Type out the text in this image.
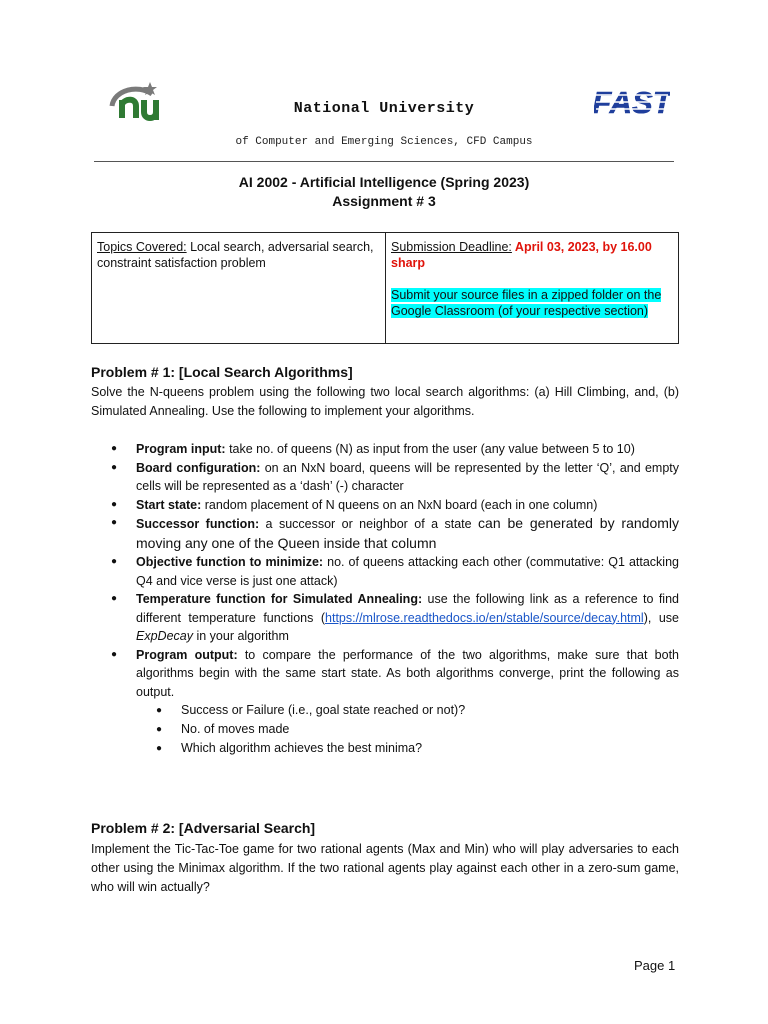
FAST
National University
of Computer and Emerging Sciences, CFD Campus
AI 2002 - Artificial Intelligence (Spring 2023)
Assignment # 3
Topics Covered: Local search, adversarial search, constraint satisfaction problem
Submission Deadline: April 03, 2023, by 16.00 sharp
Submit your source files in a zipped folder on the Google Classroom (of your respective section)
Problem # 1: [Local Search Algorithms]
Solve the N-queens problem using the following two local search algorithms: (a) Hill Climbing, and, (b) Simulated Annealing. Use the following to implement your algorithms.
● Program input: take no. of queens (N) as input from the user (any value between 5 to 10)
● Board configuration: on an NxN board, queens will be represented by the letter ‘Q’, and empty cells will be represented as a ‘dash’ (-) character
● Start state: random placement of N queens on an NxN board (each in one column)
● Successor function: a successor or neighbor of a state can be generated by randomly moving any one of the Queen inside that column
● Objective function to minimize: no. of queens attacking each other (commutative: Q1 attacking Q4 and vice verse is just one attack)
● Temperature function for Simulated Annealing: use the following link as a reference to find different temperature functions (https://mlrose.readthedocs.io/en/stable/source/decay.html), use ExpDecay in your algorithm
● Program output: to compare the performance of the two algorithms, make sure that both algorithms begin with the same start state. As both algorithms converge, print the following as output.
● Success or Failure (i.e., goal state reached or not)?
● No. of moves made
● Which algorithm achieves the best minima?
Problem # 2: [Adversarial Search]
Implement the Tic-Tac-Toe game for two rational agents (Max and Min) who will play adversaries to each other using the Minimax algorithm. If the two rational agents play against each other in a zero-sum game, who will win actually?
Page 1
